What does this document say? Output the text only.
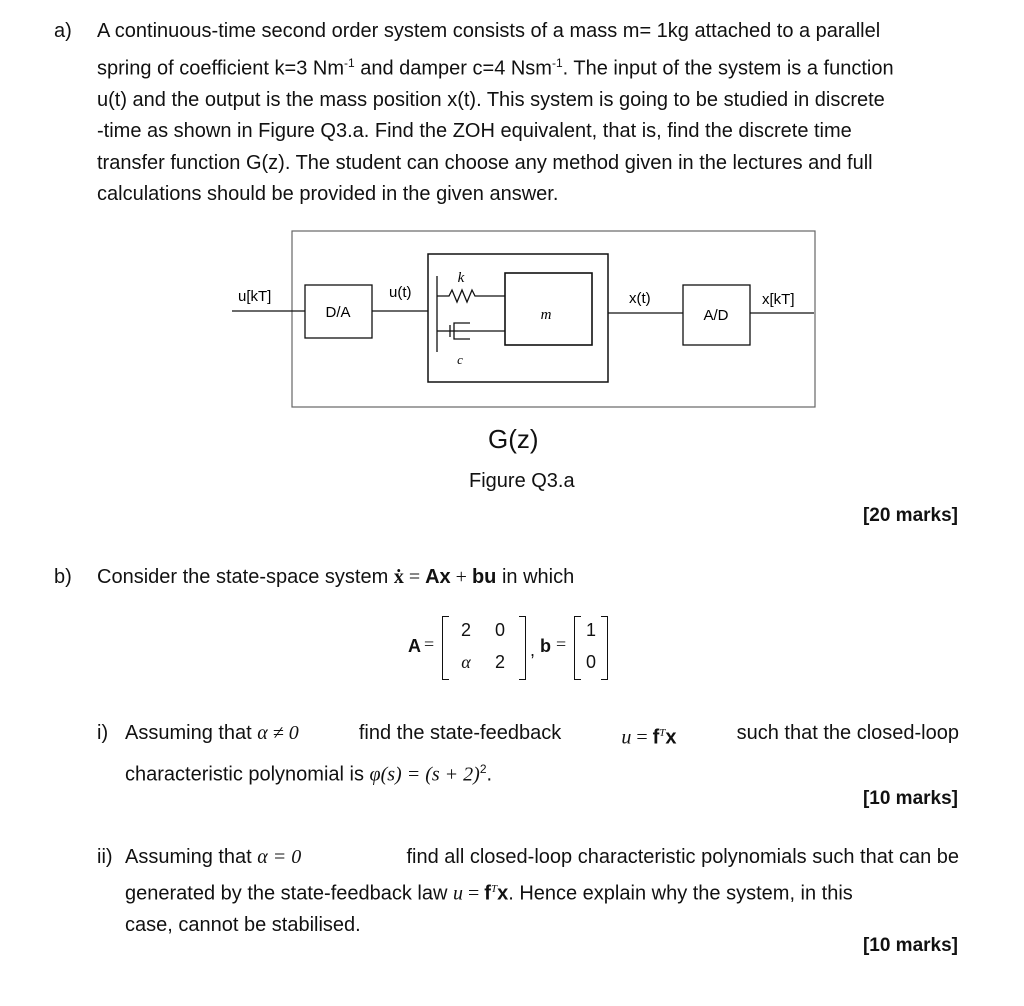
a) A continuous-time second order system consists of a mass m= 1kg attached to a parallel
spring of coefficient k=3 $Nm^{-1}$ and damper c=4 Nsm$^{-1}$. The input of the system is a function
u(t) and the output is the mass position x(t). This system is going to be studied in discrete
-time as shown in Figure Q3.a. Find the ZOH equivalent, that is, find the discrete time
transfer function G(z). The student can choose any method given in the lectures and full
calculations should be provided in the given answer.
u[kT]
D/A
u(t)
k
c
m
x(t)
A/D
x[kT]
G(z)
Figure Q3.a
[20 marks]
b) Consider the state-space system ẋ = Ax + bu in which
A =
2	0
α	2
, b =
1
0
i) Assuming that α ≠ 0	find the state-feedback	$u = f^Tx$	such that the closed-loop
characteristic polynomial is $\varphi(s) = (s + 2)^2$.
[10 marks]
ii) Assuming that α = 0	find all closed-loop characteristic polynomials such that can be
generated by the state-feedback law $u = f^Tx$. Hence explain why the system, in this
case, cannot be stabilised.
[10 marks]
